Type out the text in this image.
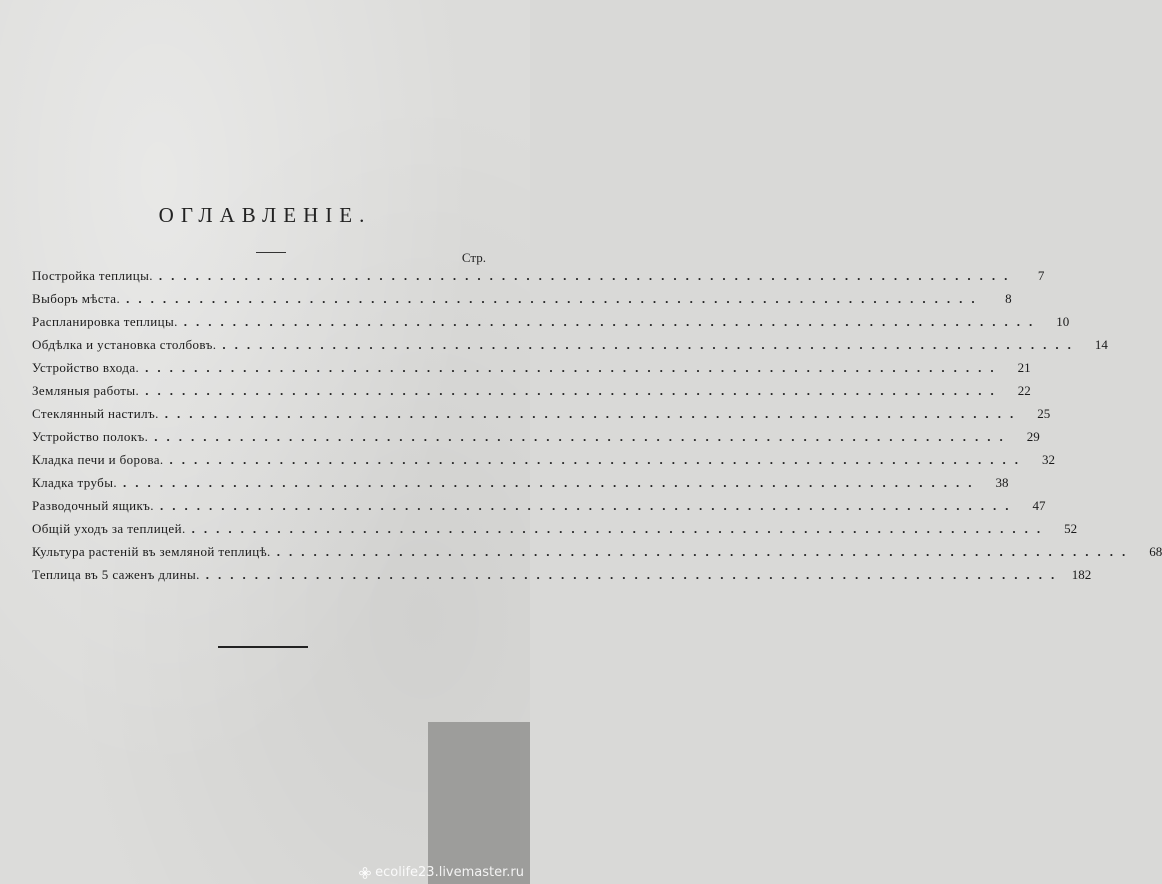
ОГЛАВЛЕНІЕ.
Стр.
Постройка теплицы. ......................................................................	7
Выборъ мѣста. ......................................................................	8
Распланировка теплицы. ......................................................................	10
Обдѣлка и установка столбовъ. ......................................................................	14
Устройство входа. ......................................................................	21
Земляныя работы. ......................................................................	22
Стеклянный настилъ. ......................................................................	25
Устройство полокъ. ......................................................................	29
Кладка печи и борова. ......................................................................	32
Кладка трубы. ......................................................................	38
Разводочный ящикъ. ......................................................................	47
Общій уходъ за теплицей. ......................................................................	52
Культура растеній въ земляной теплицѣ. ......................................................................	68
Теплица въ 5 саженъ длины. ...................................................................... 182
ecolife23.livemaster.ru
